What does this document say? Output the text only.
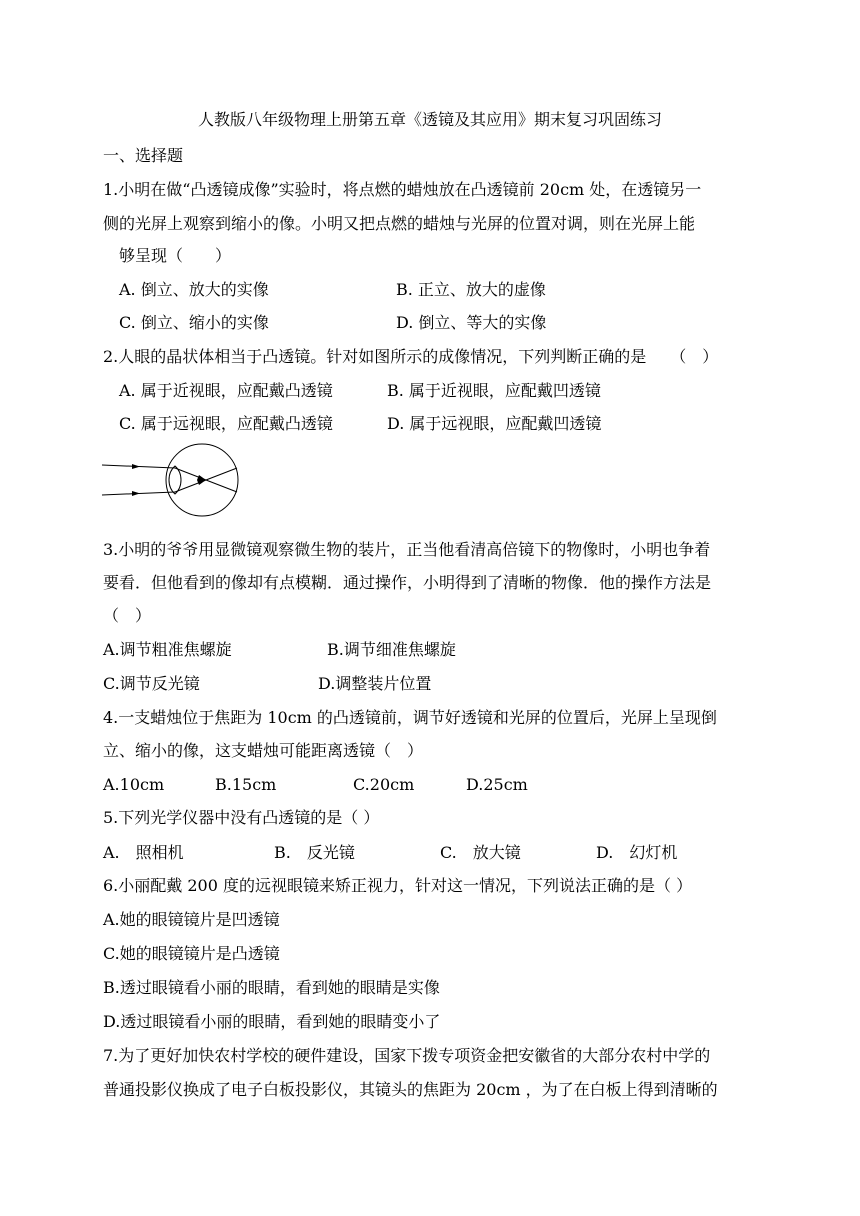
人教版八年级物理上册第五章《透镜及其应用》期末复习巩固练习
一、选择题
1.小明在做“凸透镜成像”实验时，将点燃的蜡烛放在凸透镜前 20cm 处，在透镜另一
侧的光屏上观察到缩小的像。小明又把点燃的蜡烛与光屏的位置对调，则在光屏上能
够呈现（　　）
A. 倒立、放大的实像	B. 正立、放大的虚像
C. 倒立、缩小的实像	D. 倒立、等大的实像
2.人眼的晶状体相当于凸透镜。针对如图所示的成像情况，下列判断正确的是　　（　）
A. 属于近视眼，应配戴凸透镜	B. 属于近视眼，应配戴凹透镜
C. 属于远视眼，应配戴凸透镜	D. 属于远视眼，应配戴凹透镜
3.小明的爷爷用显微镜观察微生物的装片，正当他看清高倍镜下的物像时，小明也争着
要看．但他看到的像却有点模糊．通过操作，小明得到了清晰的物像．他的操作方法是
（　）
A.调节粗准焦螺旋	B.调节细准焦螺旋
C.调节反光镜	D.调整装片位置
4.一支蜡烛位于焦距为 10cm 的凸透镜前，调节好透镜和光屏的位置后，光屏上呈现倒
立、缩小的像，这支蜡烛可能距离透镜（　）
A.10cm	B.15cm	C.20cm	D.25cm
5.下列光学仪器中没有凸透镜的是（ ）
A.　照相机	B.　反光镜	C.　放大镜	D.　幻灯机
6.小丽配戴 200 度的远视眼镜来矫正视力，针对这一情况，下列说法正确的是（ ）
A.她的眼镜镜片是凹透镜
C.她的眼镜镜片是凸透镜
B.透过眼镜看小丽的眼睛，看到她的眼睛是实像
D.透过眼镜看小丽的眼睛，看到她的眼睛变小了
7.为了更好加快农村学校的硬件建设，国家下拨专项资金把安徽省的大部分农村中学的
普通投影仪换成了电子白板投影仪，其镜头的焦距为 20cm ，为了在白板上得到清晰的
